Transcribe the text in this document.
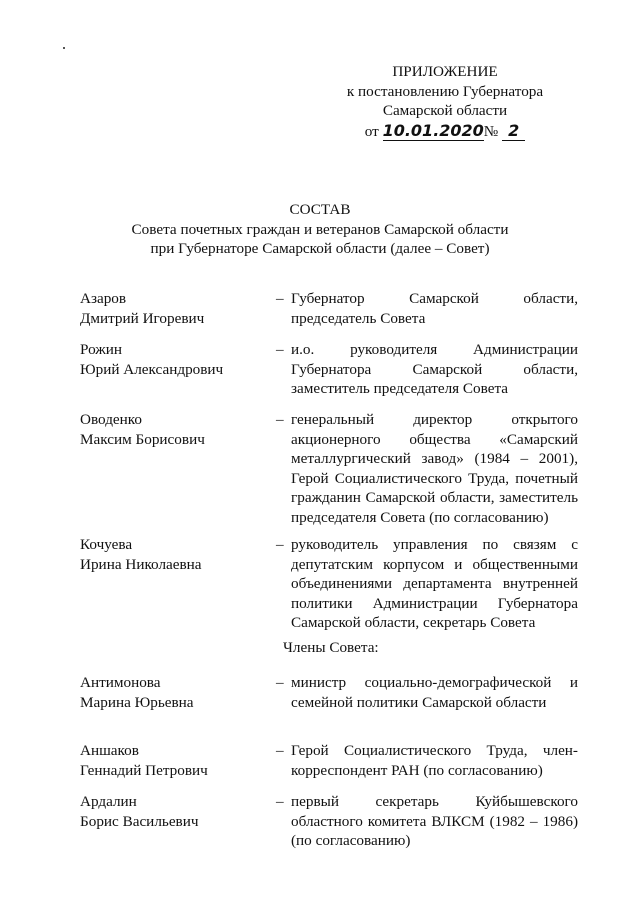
ПРИЛОЖЕНИЕ
к постановлению Губернатора
Самарской области
от 10.01.2020№ 2
СОСТАВ
Совета почетных граждан и ветеранов Самарской области
при Губернаторе Самарской области (далее – Совет)
Азаров
Дмитрий Игоревич
– Губернатор Самарской области, председатель Совета
Рожин
Юрий Александрович
– и.о. руководителя Администрации Губернатора Самарской области, заместитель председателя Совета
Оводенко
Максим Борисович
– генеральный директор открытого акционерного общества «Самарский металлургический завод» (1984 – 2001), Герой Социалистического Труда, почетный гражданин Самарской области, заместитель председателя Совета (по согласованию)
Кочуева
Ирина Николаевна
– руководитель управления по связям с депутатским корпусом и общественными объединениями департамента внутренней политики Администрации Губернатора Самарской области, секретарь Совета
Члены Совета:
Антимонова
Марина Юрьевна
– министр социально-демографической и семейной политики Самарской области
Аншаков
Геннадий Петрович
– Герой Социалистического Труда, член-корреспондент РАН (по согласованию)
Ардалин
Борис Васильевич
– первый секретарь Куйбышевского областного комитета ВЛКСМ (1982 – 1986) (по согласованию)
